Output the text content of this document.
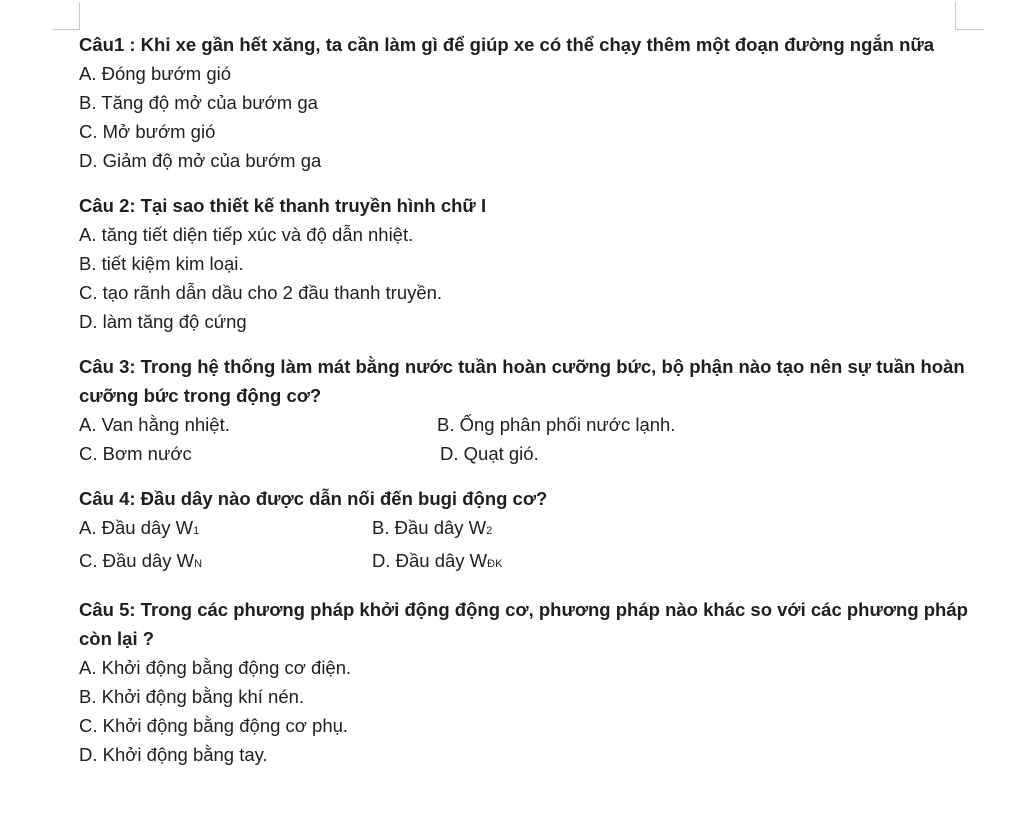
Câu1 : Khi xe gần hết xăng, ta cần làm gì để giúp xe có thể chạy thêm một đoạn đường ngắn nữa

A. Đóng bướm gió

B. Tăng độ mở của bướm ga

C. Mở bướm gió

D. Giảm độ mở của bướm ga

Câu 2: Tại sao thiết kế thanh truyền hình chữ I

A. tăng tiết diện tiếp xúc và độ dẫn nhiệt.

B. tiết kiệm kim loại.

C. tạo rãnh dẫn dầu cho 2 đầu thanh truyền.

D. làm tăng độ cứng

Câu 3: Trong hệ thống làm mát bằng nước tuần hoàn cưỡng bức, bộ phận nào tạo nên sự tuần hoàn cưỡng bức trong động cơ?

A. Van hằng nhiệt.	B. Ống phân phối nước lạnh.
C. Bơm nước	D. Quạt gió.

Câu 4: Đầu dây nào được dẫn nối đến bugi động cơ?

A. Đầu dây W1	B. Đầu dây W2
C. Đầu dây WN	D. Đầu dây WĐK

Câu 5: Trong các phương pháp khởi động động cơ, phương pháp nào khác so với các phương pháp còn lại ?

A. Khởi động bằng động cơ điện.

B. Khởi động bằng khí nén.

C. Khởi động bằng động cơ phụ.

D. Khởi động bằng tay.
